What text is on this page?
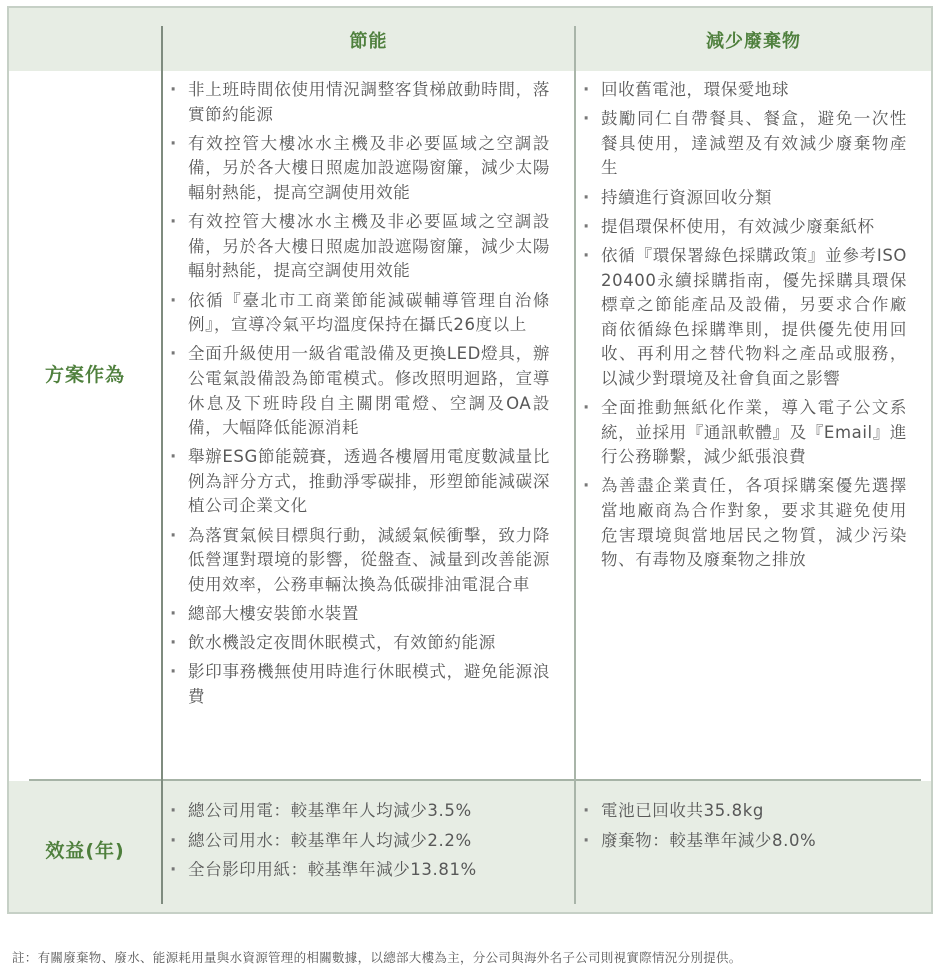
節能	減少廢棄物
方案作為
效益(年)
· 非上班時間依使用情況調整客貨梯啟動時間，落實節約能源
· 有效控管大樓冰水主機及非必要區域之空調設備，另於各大樓日照處加設遮陽窗簾，減少太陽輻射熱能，提高空調使用效能
· 有效控管大樓冰水主機及非必要區域之空調設備，另於各大樓日照處加設遮陽窗簾，減少太陽輻射熱能，提高空調使用效能
· 依循『臺北市工商業節能減碳輔導管理自治條例』，宣導冷氣平均溫度保持在攝氏26度以上
· 全面升級使用一級省電設備及更換LED燈具，辦公電氣設備設為節電模式。修改照明迴路，宣導休息及下班時段自主關閉電燈、空調及OA設備，大幅降低能源消耗
· 舉辦ESG節能競賽，透過各樓層用電度數減量比例為評分方式，推動淨零碳排，形塑節能減碳深植公司企業文化
· 為落實氣候目標與行動，減緩氣候衝擊，致力降低營運對環境的影響，從盤查、減量到改善能源使用效率，公務車輛汰換為低碳排油電混合車
· 總部大樓安裝節水裝置
· 飲水機設定夜間休眠模式，有效節約能源
· 影印事務機無使用時進行休眠模式，避免能源浪費
· 回收舊電池，環保愛地球
· 鼓勵同仁自帶餐具、餐盒，避免一次性餐具使用，達減塑及有效減少廢棄物產生
· 持續進行資源回收分類
· 提倡環保杯使用，有效減少廢棄紙杯
· 依循『環保署綠色採購政策』並參考ISO 20400永續採購指南，優先採購具環保標章之節能產品及設備，另要求合作廠商依循綠色採購準則，提供優先使用回收、再利用之替代物料之產品或服務，以減少對環境及社會負面之影響
· 全面推動無紙化作業，導入電子公文系統，並採用『通訊軟體』及『Email』進行公務聯繫，減少紙張浪費
· 為善盡企業責任，各項採購案優先選擇當地廠商為合作對象，要求其避免使用危害環境與當地居民之物質，減少污染物、有毒物及廢棄物之排放
· 總公司用電：較基準年人均減少3.5%
· 總公司用水：較基準年人均減少2.2%
· 全台影印用紙：較基準年減少13.81%
· 電池已回收共35.8kg
· 廢棄物：較基準年減少8.0%
註：有關廢棄物、廢水、能源耗用量與水資源管理的相關數據，以總部大樓為主，分公司與海外名子公司則視實際情況分別提供。
